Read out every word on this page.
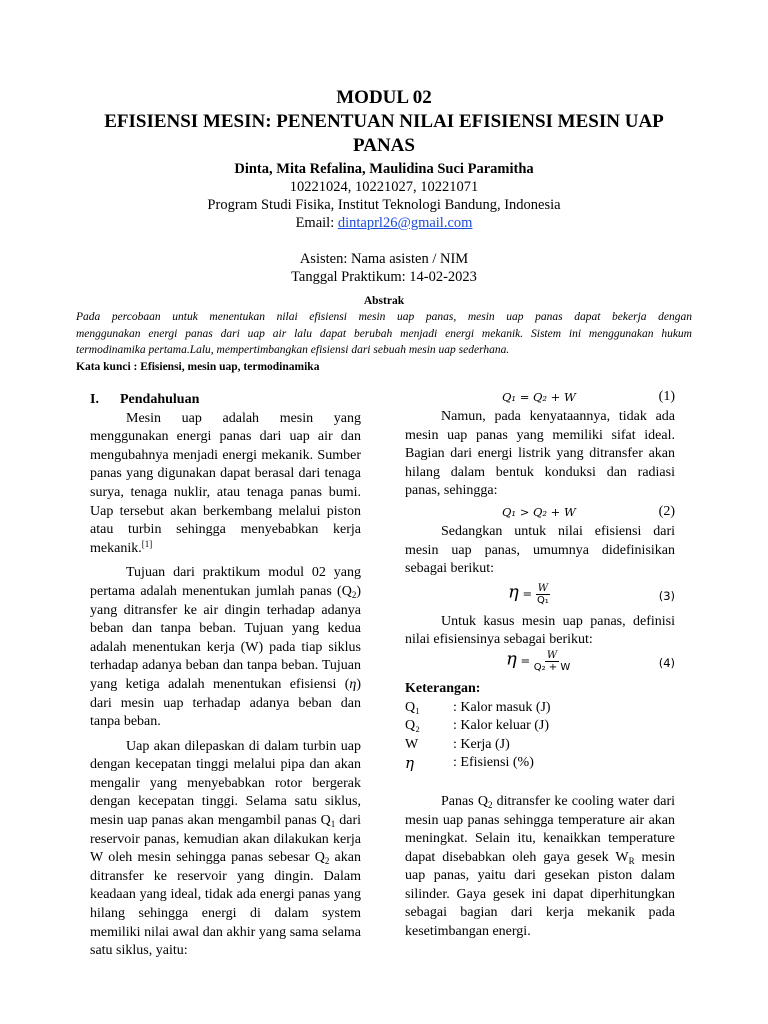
MODUL 02
EFISIENSI MESIN: PENENTUAN NILAI EFISIENSI MESIN UAP
PANAS
Dinta, Mita Refalina, Maulidina Suci Paramitha
10221024, 10221027, 10221071
Program Studi Fisika, Institut Teknologi Bandung, Indonesia
Email: dintaprl26@gmail.com
Asisten: Nama asisten / NIM
Tanggal Praktikum: 14-02-2023
Abstrak
Pada percobaan untuk menentukan nilai efisiensi mesin uap panas, mesin uap panas dapat bekerja dengan
menggunakan energi panas dari uap air lalu dapat berubah menjadi energi mekanik. Sistem ini menggunakan hukum
termodinamika pertama.Lalu, mempertimbangkan efisiensi dari sebuah mesin uap sederhana.
Kata kunci : Efisiensi, mesin uap, termodinamika
I.	Pendahuluan

Mesin uap adalah mesin yang menggunakan energi panas dari uap air dan mengubahnya menjadi energi mekanik. Sumber panas yang digunakan dapat berasal dari tenaga surya, tenaga nuklir, atau tenaga panas bumi. Uap tersebut akan berkembang melalui piston atau turbin sehingga menyebabkan kerja mekanik.[1]

Tujuan dari praktikum modul 02 yang pertama adalah menentukan jumlah panas $(Q_2)$ yang ditransfer ke air dingin terhadap adanya beban dan tanpa beban. Tujuan yang kedua adalah menentukan kerja (W) pada tiap siklus terhadap adanya beban dan tanpa beban. Tujuan yang ketiga adalah menentukan efisiensi (η) dari mesin uap terhadap adanya beban dan tanpa beban.

Uap akan dilepaskan di dalam turbin uap dengan kecepatan tinggi melalui pipa dan akan mengalir yang menyebabkan rotor bergerak dengan kecepatan tinggi. Selama satu siklus, mesin uap panas akan mengambil panas $Q_1$ dari reservoir panas, kemudian akan dilakukan kerja W oleh mesin sehingga panas sebesar $Q_2$ akan ditransfer ke reservoir yang dingin. Dalam keadaan yang ideal, tidak ada energi panas yang hilang sehingga energi di dalam system memiliki nilai awal dan akhir yang sama selama satu siklus, yaitu:

Q₁ = Q₂ + W	(1)

Namun, pada kenyataannya, tidak ada mesin uap panas yang memiliki sifat ideal. Bagian dari energi listrik yang ditransfer akan hilang dalam bentuk konduksi dan radiasi panas, sehingga:

Q₁ > Q₂ + W	(2)

Sedangkan untuk nilai efisiensi dari mesin uap panas, umumnya didefinisikan sebagai berikut:

$\eta = \frac{W}{\text{Q₁}}$	(3)

Untuk kasus mesin uap panas, definisi nilai efisiensinya sebagai berikut:

$\eta = \frac{W}{\text{Q₂ + W}}$	(4)
Keterangan:
Q₁	: Kalor masuk (J)
Q₂	: Kalor keluar (J)
W	: Kerja (J)
η	: Efisiensi (%)

Panas $Q_2$ ditransfer ke cooling water dari mesin uap panas sehingga temperature air akan meningkat. Selain itu, kenaikkan temperature dapat disebabkan oleh gaya gesek $W_R$ mesin uap panas, yaitu dari gesekan piston dalam silinder. Gaya gesek ini dapat diperhitungkan sebagai bagian dari kerja mekanik pada kesetimbangan energi.
